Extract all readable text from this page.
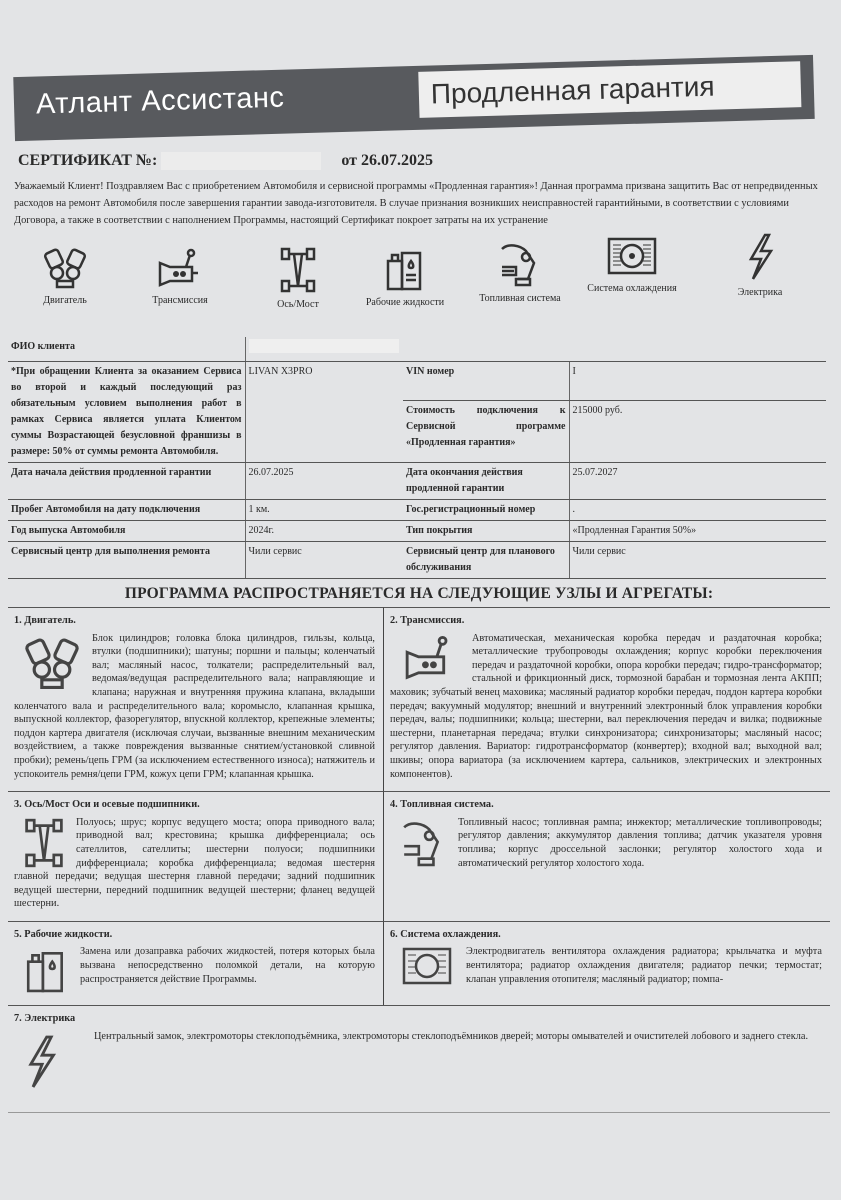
Атлант Ассистанс	Продленная гарантия
СЕРТИФИКАТ №:	от 26.07.2025
Уважаемый Клиент! Поздравляем Вас с приобретением Автомобиля и сервисной программы «Продленная гарантия»! Данная программа призвана защитить Вас от непредвиденных расходов на ремонт Автомобиля после завершения гарантии завода-изготовителя. В случае признания возникших неисправностей гарантийными, в соответствии с условиями Договора, а также в соответствии с наполнением Программы, настоящий Сертификат покроет затраты на их устранение
Двигатель	Трансмиссия	Ось/Мост	Рабочие жидкости	Топливная система
Система охлаждения	Электрика
ФИО клиента			
*При обращении Клиента за оказанием Сервиса во второй и каждый последующий раз обязательным условием выполнения работ в рамках Сервиса является уплата Клиентом суммы Возрастающей безусловной франшизы в размере: 50% от суммы ремонта Автомобиля.	LIVAN X3PRO	VIN номер	I
		Стоимость подключения к Сервисной программе «Продленная гарантия»	215000 руб.
Дата начала действия продленной гарантии	26.07.2025	Дата окончания действия продленной гарантии	25.07.2027
Пробег Автомобиля на дату подключения	1 км.	Гос.регистрационный номер	.
Год выпуска Автомобиля	2024г.	Тип покрытия	«Продленная Гарантия 50%»
Сервисный центр для выполнения ремонта	Чили сервис	Сервисный центр для планового обслуживания	Чили сервис
ПРОГРАММА РАСПРОСТРАНЯЕТСЯ НА СЛЕДУЮЩИЕ УЗЛЫ И АГРЕГАТЫ:
1. Двигатель.
Блок цилиндров; головка блока цилиндров, гильзы, кольца, втулки (подшипники); шатуны; поршни и пальцы; коленчатый вал; масляный насос, толкатели; распределительный вал, ведомая/ведущая распределительного вала; направляющие и клапана; наружная и внутренняя пружина клапана, вкладыши коленчатого вала и распределительного вала; коромысло, клапанная крышка, выпускной коллектор, фазорегулятор, впускной коллектор, крепежные элементы; поддон картера двигателя (исключая случаи, вызванные внешним механическим воздействием, а также повреждения вызванные снятием/установкой сливной пробки); ремень/цепь ГРМ (за исключением естественного износа); натяжитель и успокоитель ремня/цепи ГРМ, кожух цепи ГРМ; клапанная крышка.
2. Трансмиссия.
Автоматическая, механическая коробка передач и раздаточная коробка; металлические трубопроводы охлаждения; корпус коробки переключения передач и раздаточной коробки, опора коробки передач; гидро-трансформатор; стальной и фрикционный диск, тормозной барабан и тормозная лента АКПП; маховик; зубчатый венец маховика; масляный радиатор коробки передач, поддон картера коробки передач; вакуумный модулятор; внешний и внутренний электронный блок управления коробки передач, валы; подшипники; кольца; шестерни, вал переключения передач и вилка; подвижные шестерни, планетарная передача; втулки синхронизатора; синхронизаторы; масляный насос; регулятор давления. Вариатор: гидротрансформатор (конвертер); входной вал; выходной вал; шкивы; опора вариатора (за исключением картера, сальников, электрических и электронных компонентов).
3. Ось/Мост Оси и осевые подшипники.
Полуось; шрус; корпус ведущего моста; опора приводного вала; приводной вал; крестовина; крышка дифференциала; ось сателлитов, сателлиты; шестерни полуоси; подшипники дифференциала; коробка дифференциала; ведомая шестерня главной передачи; ведущая шестерня главной передачи; задний подшипник ведущей шестерни, передний подшипник ведущей шестерни; фланец ведущей шестерни.
4. Топливная система.
Топливный насос; топливная рампа; инжектор; металлические топливопроводы; регулятор давления; аккумулятор давления топлива; датчик указателя уровня топлива; корпус дроссельной заслонки; регулятор холостого хода и автоматический регулятор холостого хода.
5. Рабочие жидкости.
Замена или дозаправка рабочих жидкостей, потеря которых была вызвана непосредственно поломкой детали, на которую распространяется действие Программы.
6. Система охлаждения.
Электродвигатель вентилятора охлаждения радиатора; крыльчатка и муфта вентилятора; радиатор охлаждения двигателя; радиатор печки; термостат; клапан управления отопителя; масляный радиатор; помпа-
7. Электрика
Центральный замок, электромоторы стеклоподъёмника, электромоторы стеклоподъёмников дверей; моторы омывателей и очистителей лобового и заднего стекла.
